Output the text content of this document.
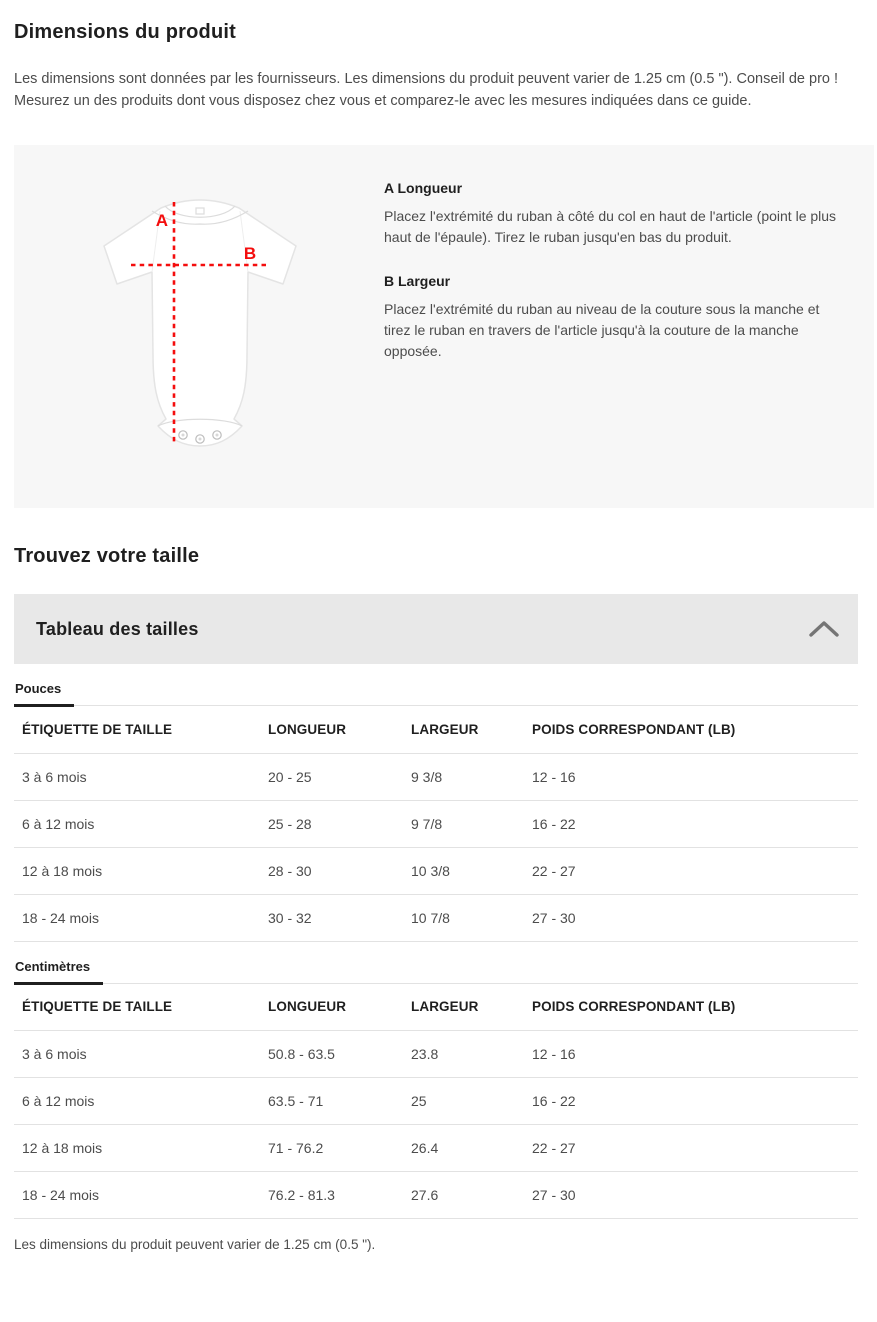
Dimensions du produit

Les dimensions sont données par les fournisseurs. Les dimensions du produit peuvent varier de 1.25 cm (0.5 "). Conseil de pro ! Mesurez un des produits dont vous disposez chez vous et comparez-le avec les mesures indiquées dans ce guide.

A
B
A Longueur

Placez l'extrémité du ruban à côté du col en haut de l'article (point le plus haut de l'épaule). Tirez le ruban jusqu'en bas du produit.

B Largeur

Placez l'extrémité du ruban au niveau de la couture sous la manche et tirez le ruban en travers de l'article jusqu'à la couture de la manche opposée.

Trouvez votre taille
Tableau des tailles
Pouces
ÉTIQUETTE DE TAILLE	LONGUEUR	LARGEUR	POIDS CORRESPONDANT (LB)
3 à 6 mois	20 - 25	9 3/8	12 - 16
6 à 12 mois	25 - 28	9 7/8	16 - 22
12 à 18 mois	28 - 30	10 3/8	22 - 27
18 - 24 mois	30 - 32	10 7/8	27 - 30
Centimètres
ÉTIQUETTE DE TAILLE	LONGUEUR	LARGEUR	POIDS CORRESPONDANT (LB)
3 à 6 mois	50.8 - 63.5	23.8	12 - 16
6 à 12 mois	63.5 - 71	25	16 - 22
12 à 18 mois	71 - 76.2	26.4	22 - 27
18 - 24 mois	76.2 - 81.3	27.6	27 - 30

Les dimensions du produit peuvent varier de 1.25 cm (0.5 ").
